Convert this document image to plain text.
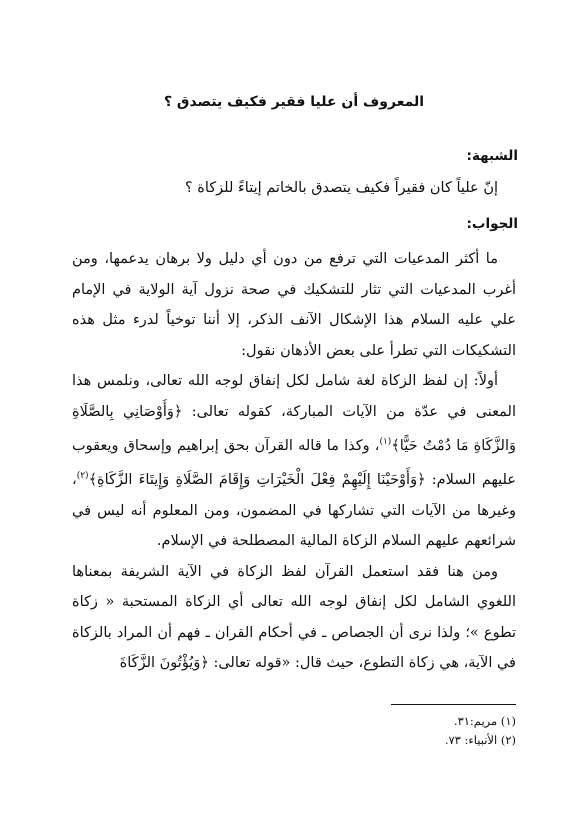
المعروف أن عليا فقير فكيف يتصدق ؟
الشبهة:

إنّ علياً كان فقيراً فكيف يتصدق بالخاتم إيتاءً للزكاة ؟

الجواب:

ما أكثر المدعيات التي ترفع من دون أي دليل ولا برهان يدعمها، ومن أغرب المدعيات التي تثار للتشكيك في صحة نزول آية الولاية في الإمام علي عليه السلام هذا الإشكال الآنف الذكر، إلا أننا توخياً لدرء مثل هذه التشكيكات التي تطرأ على بعض الأذهان نقول:

أولاً: إن لفظ الزكاة لغة شامل لكل إنفاق لوجه الله تعالى، ونلمس هذا المعنى في عدّة من الآيات المباركة، كقوله تعالى: ﴿وَأَوْصَانِي بِالصَّلَاةِ وَالزَّكَاةِ مَا دُمْتُ حَيًّا﴾$^{(١)}$، وكذا ما قاله القرآن بحق إبراهيم وإسحاق ويعقوب عليهم السلام: ﴿وَأَوْحَيْنَا إِلَيْهِمْ فِعْلَ الْخَيْرَاتِ وَإِقَامَ الصَّلَاةِ وَإِيتَاءَ الزَّكَاةِ﴾$^{(٢)}$، وغيرها من الآيات التي تشاركها في المضمون، ومن المعلوم أنه ليس في شرائعهم عليهم السلام الزكاة المالية المصطلحة في الإسلام.

ومن هنا فقد استعمل القرآن لفظ الزكاة في الآية الشريفة بمعناها اللغوي الشامل لكل إنفاق لوجه الله تعالى أي الزكاة المستحبة « زكاة تطوع »؛ ولذا نرى أن الجصاص ـ في أحكام القران ـ فهم أن المراد بالزكاة في الآية، هي زكاة التطوع، حيث قال: «قوله تعالى: ﴿وَيُؤْتُونَ الزَّكَاةَ

(١) مريم:٣١.
(٢) الأنبياء: ٧٣.
